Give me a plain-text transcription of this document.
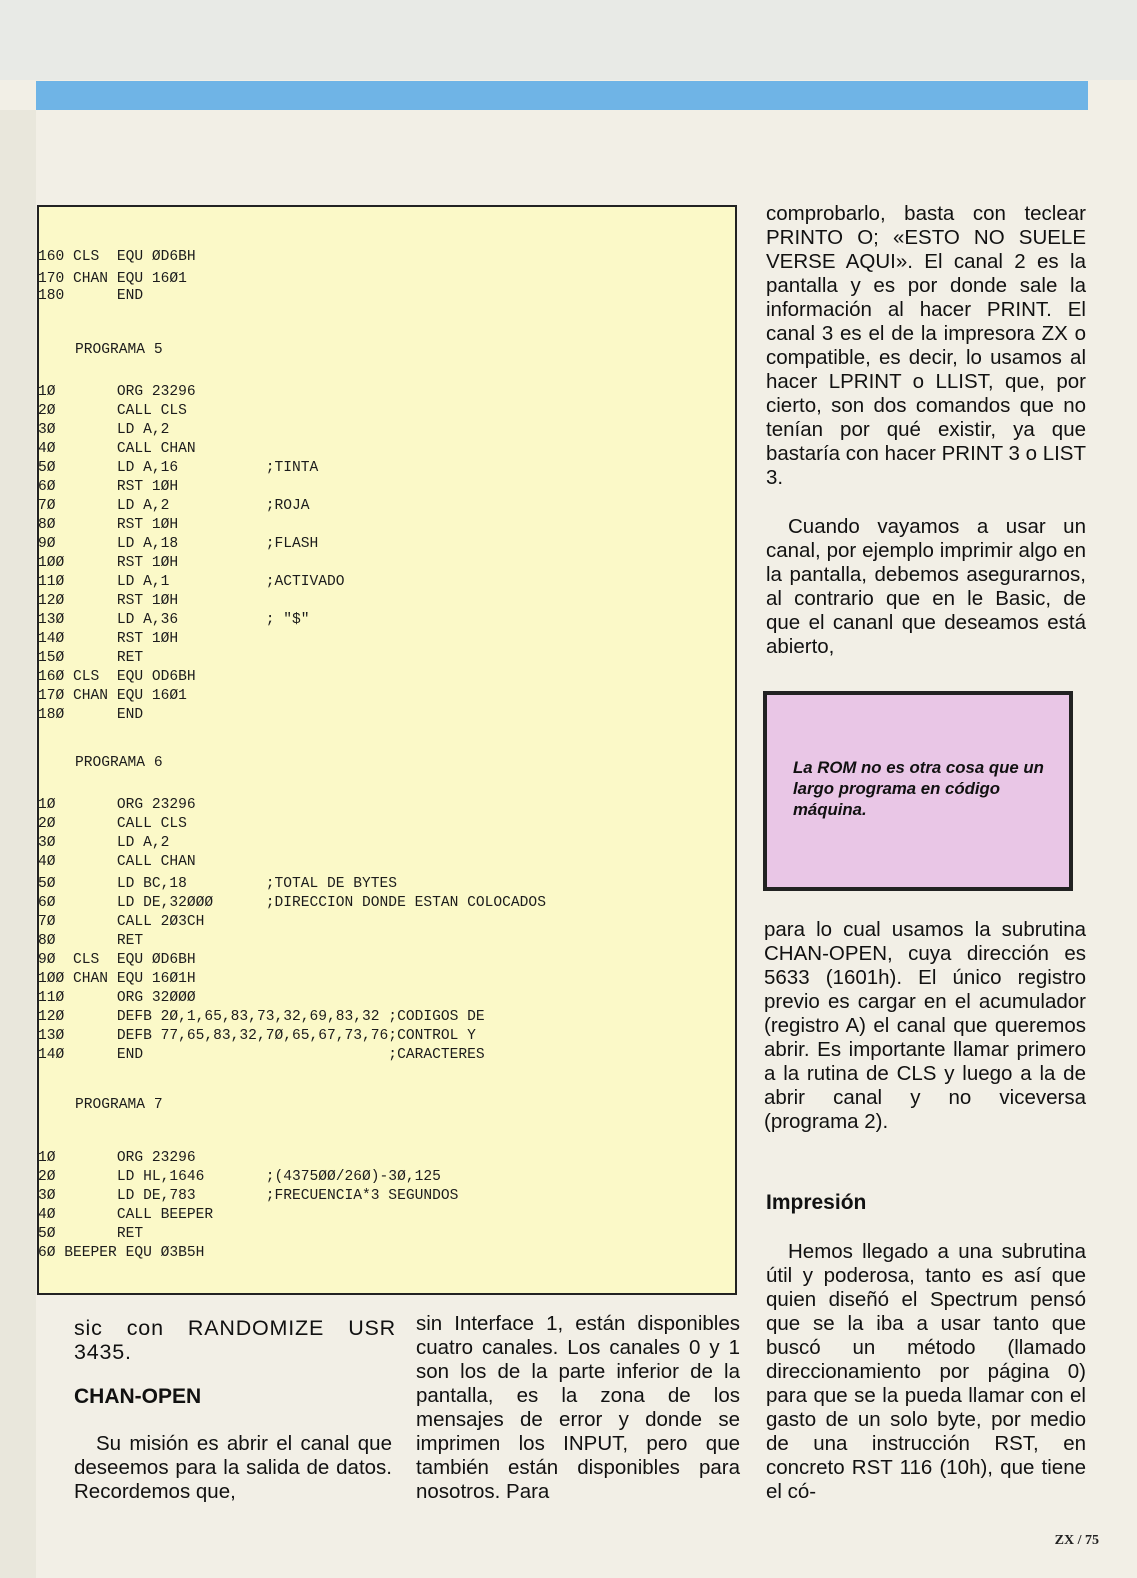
160 CLS  EQU ØD6BH
170 CHAN EQU 16Ø1
180      END
PROGRAMA 5
1Ø       ORG 23296
2Ø       CALL CLS
3Ø       LD A,2
4Ø       CALL CHAN
5Ø       LD A,16          ;TINTA
6Ø       RST 1ØH
7Ø       LD A,2           ;ROJA
8Ø       RST 1ØH
9Ø       LD A,18          ;FLASH
1ØØ      RST 1ØH
11Ø      LD A,1           ;ACTIVADO
12Ø      RST 1ØH
13Ø      LD A,36          ; "$"
14Ø      RST 1ØH
15Ø      RET
16Ø CLS  EQU OD6BH
17Ø CHAN EQU 16Ø1
18Ø      END
PROGRAMA 6
1Ø       ORG 23296
2Ø       CALL CLS
3Ø       LD A,2
4Ø       CALL CHAN
5Ø       LD BC,18         ;TOTAL DE BYTES
6Ø       LD DE,32ØØØ      ;DIRECCION DONDE ESTAN COLOCADOS
7Ø       CALL 2Ø3CH
8Ø       RET
9Ø  CLS  EQU ØD6BH
1ØØ CHAN EQU 16Ø1H
11Ø      ORG 32ØØØ
12Ø      DEFB 2Ø,1,65,83,73,32,69,83,32 ;CODIGOS DE
13Ø      DEFB 77,65,83,32,7Ø,65,67,73,76;CONTROL Y
14Ø      END                            ;CARACTERES
PROGRAMA 7
1Ø       ORG 23296
2Ø       LD HL,1646       ;(4375ØØ/26Ø)-3Ø,125
3Ø       LD DE,783        ;FRECUENCIA*3 SEGUNDOS
4Ø       CALL BEEPER
5Ø       RET
6Ø BEEPER EQU Ø3B5H
sic con RANDOMIZE USR 3435.
CHAN-OPEN
Su misión es abrir el canal que deseemos para la salida de datos. Recordemos que,
sin Interface 1, están disponibles cuatro canales. Los canales 0 y 1 son los de la parte inferior de la pantalla, es la zona de los mensajes de error y donde se imprimen los INPUT, pero que también están disponibles para nosotros. Para
comprobarlo, basta con teclear PRINTO O; «ESTO NO SUELE VERSE AQUI». El canal 2 es la pantalla y es por donde sale la información al hacer PRINT. El canal 3 es el de la impresora ZX o compatible, es decir, lo usamos al hacer LPRINT o LLIST, que, por cierto, son dos comandos que no tenían por qué existir, ya que bastaría con hacer PRINT 3 o LIST 3.
Cuando vayamos a usar un canal, por ejemplo imprimir algo en la pantalla, debemos asegurarnos, al contrario que en le Basic, de que el cananl que deseamos está abierto,
La ROM no es otra cosa que un largo programa en código máquina.
para lo cual usamos la subrutina CHAN-OPEN, cuya dirección es 5633 (1601h). El único registro previo es cargar en el acumulador (registro A) el canal que queremos abrir. Es importante llamar primero a la rutina de CLS y luego a la de abrir canal y no viceversa (programa 2).
Impresión
Hemos llegado a una subrutina útil y poderosa, tanto es así que quien diseñó el Spectrum pensó que se la iba a usar tanto que buscó un método (llamado direccionamiento por página 0) para que se la pueda llamar con el gasto de un solo byte, por medio de una instrucción RST, en concreto RST 116 (10h), que tiene el có-
ZX / 75
